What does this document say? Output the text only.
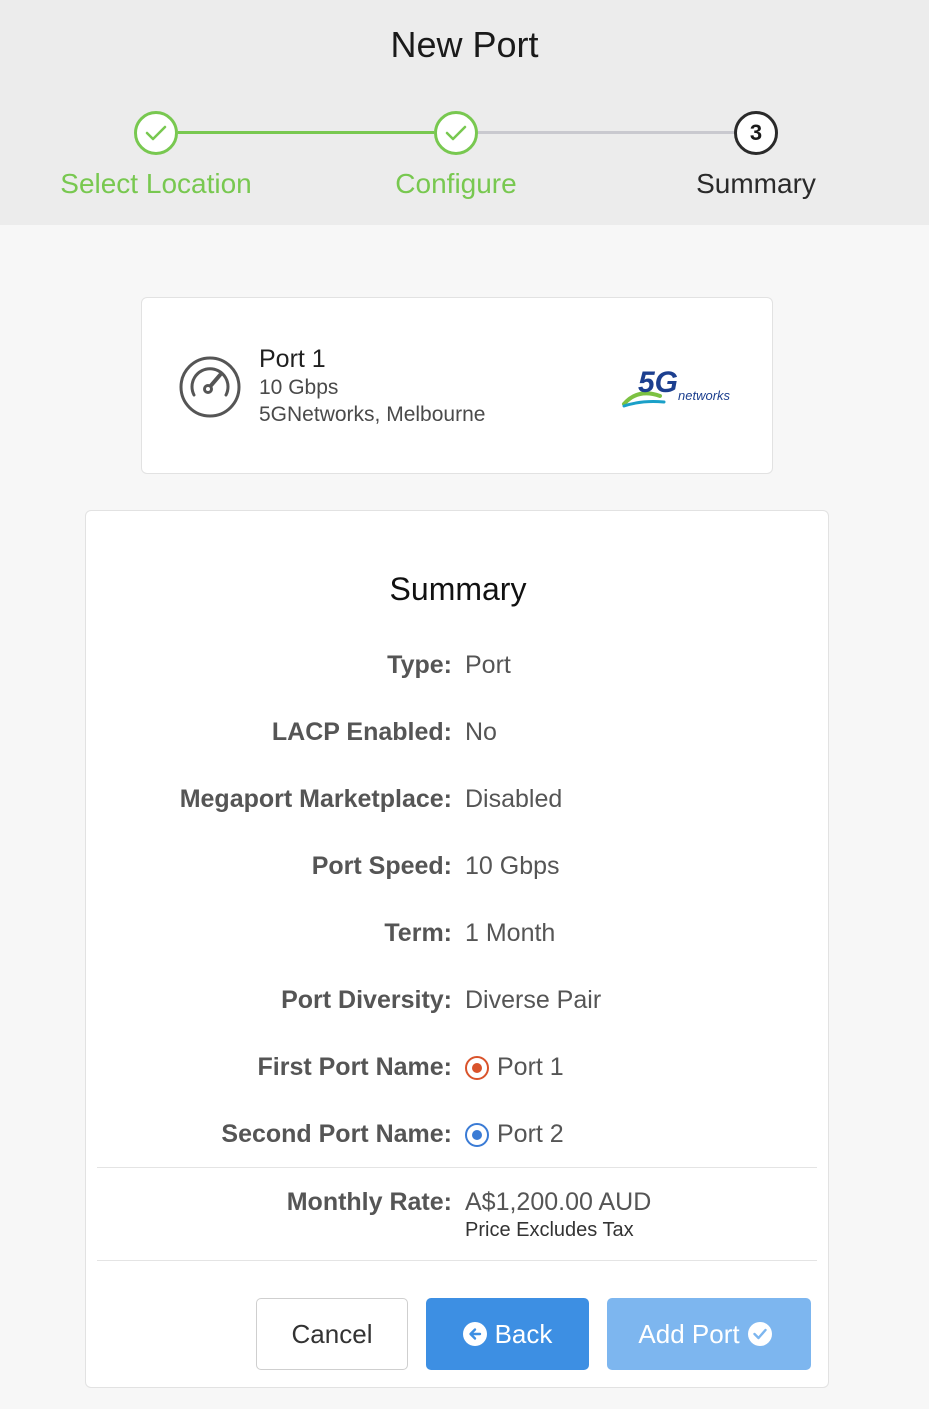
New Port
3
Select Location	Configure	Summary
Port 1
10 Gbps
5GNetworks, Melbourne
5G networks
Summary
Type: Port
LACP Enabled: No
Megaport Marketplace: Disabled
Port Speed: 10 Gbps
Term: 1 Month
Port Diversity: Diverse Pair
First Port Name: Port 1
Second Port Name: Port 2
Monthly Rate: A$1,200.00 AUD
Price Excludes Tax
Cancel	Back	Add Port
